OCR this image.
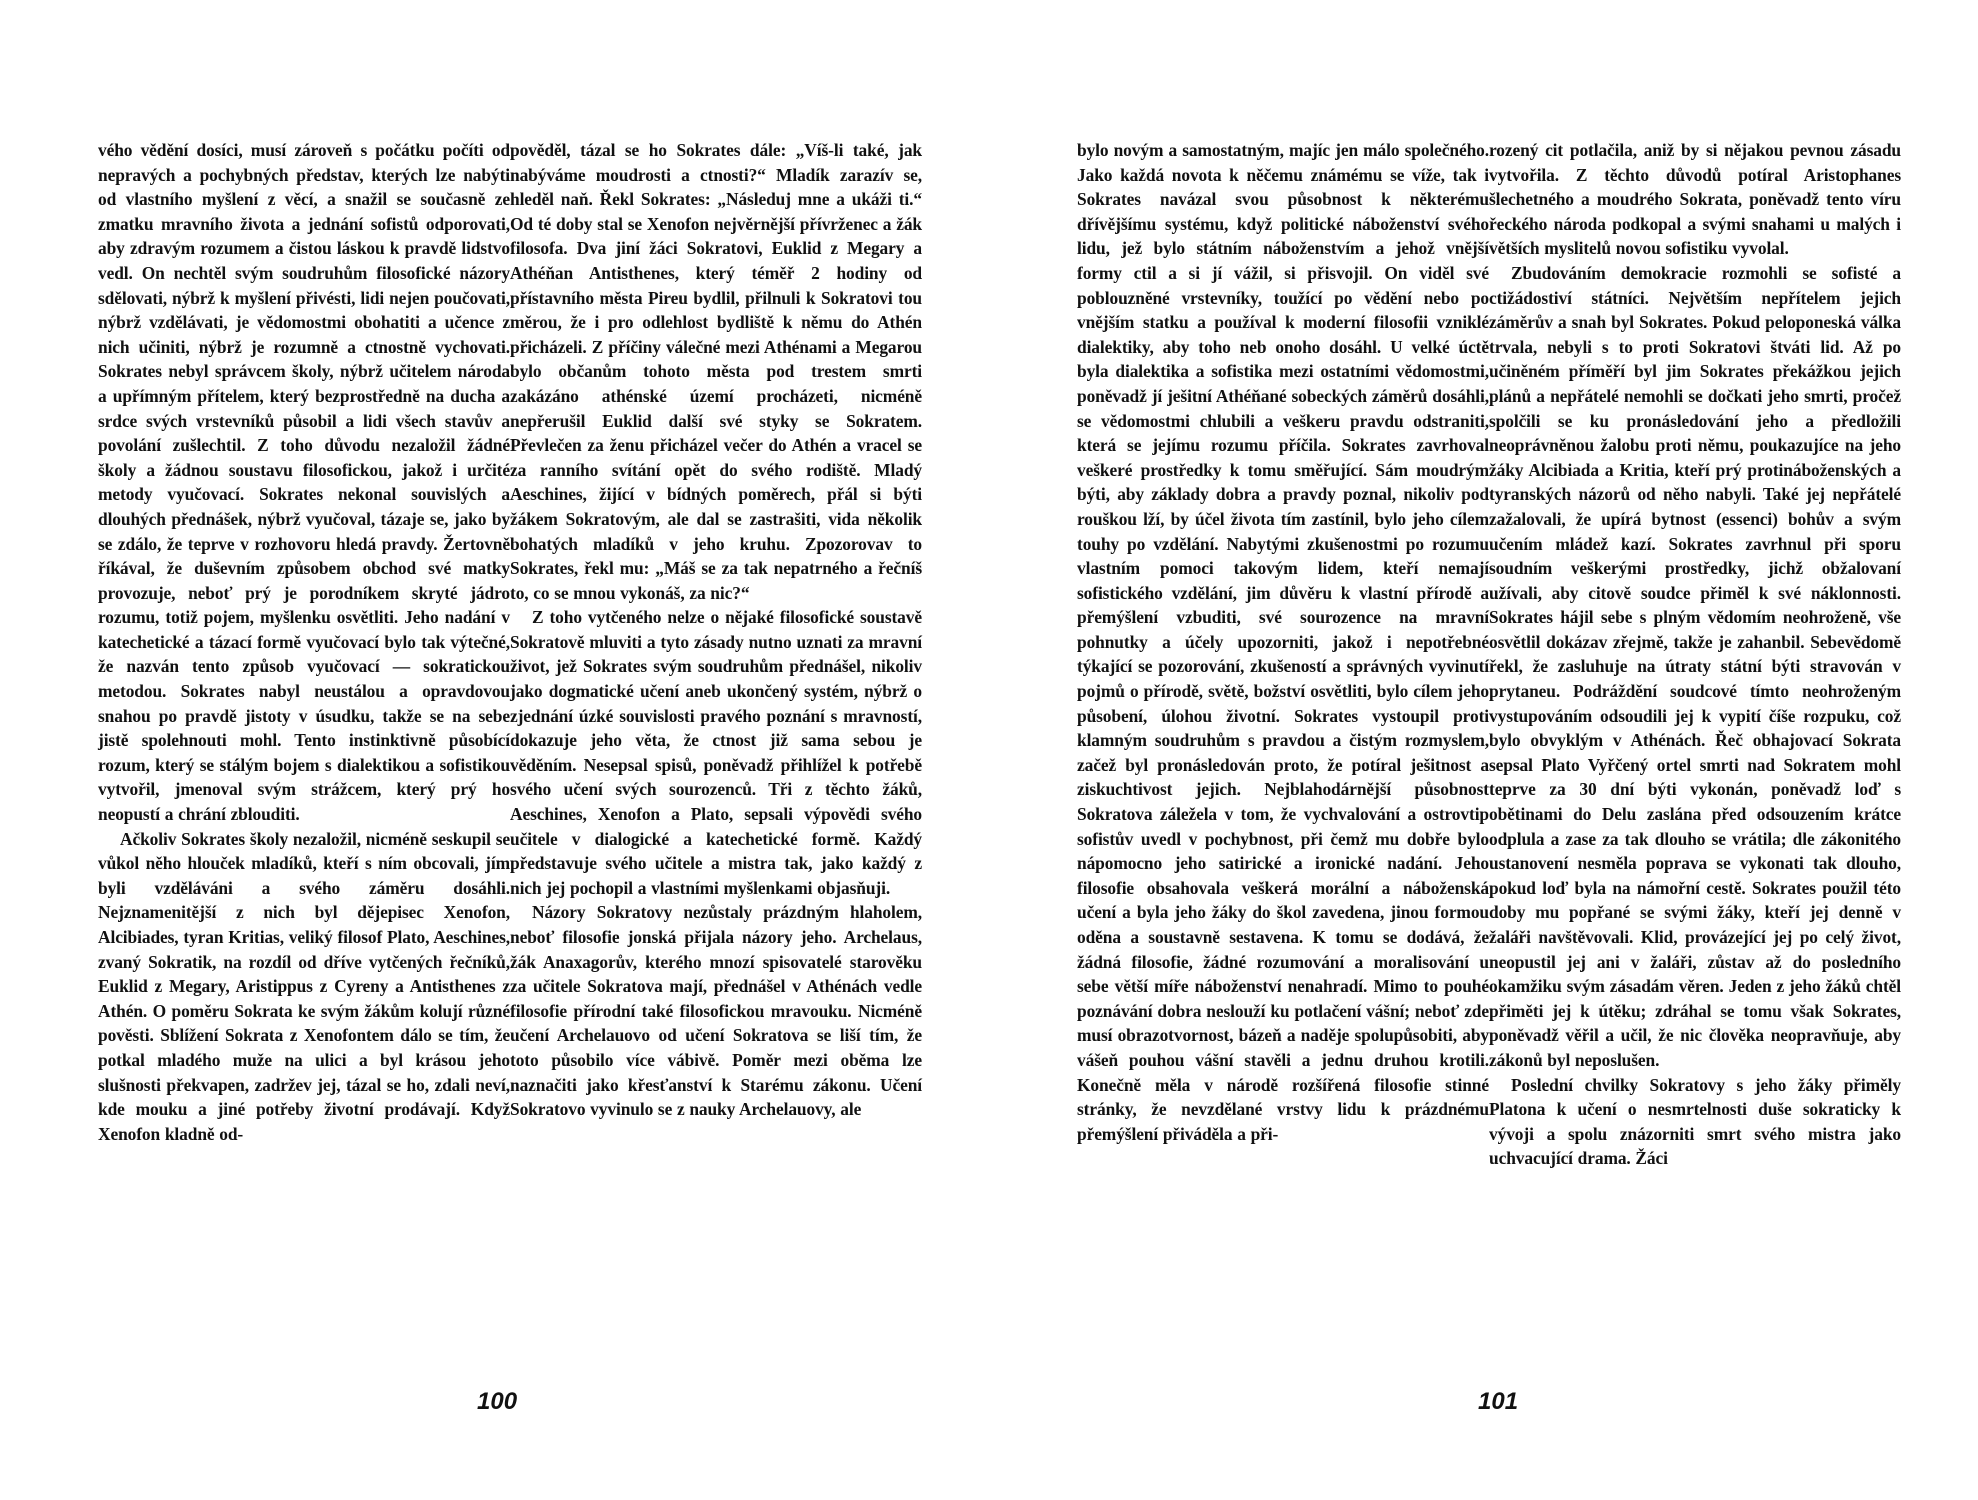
vého vědění dosíci, musí zároveň s počátku počíti od nepravých a pochybných představ, kterých lze nabýti od vlastního myšlení z věcí, a snažil se současně ze zmatku mravního života a jednání sofistů odporovati, aby zdravým rozumem a čistou láskou k pravdě lidstvo vedl. On nechtěl svým soudruhům filosofické názory sdělovati, nýbrž k myšlení přivésti, lidi nejen poučovati, nýbrž vzdělávati, je vědomostmi obohatiti a učence z nich učiniti, nýbrž je rozumně a ctnostně vychovati. Sokrates nebyl správcem školy, nýbrž učitelem národa a upřímným přítelem, který bezprostředně na ducha a srdce svých vrstevníků působil a lidi všech stavův a povolání zušlechtil. Z toho důvodu nezaložil žádné školy a žádnou soustavu filosofickou, jakož i určité metody vyučovací. Sokrates nekonal souvislých a dlouhých přednášek, nýbrž vyučoval, tázaje se, jako by se zdálo, že teprve v rozhovoru hledá pravdy. Žertovně říkával, že duševním způsobem obchod své matky provozuje, neboť prý je porodníkem skryté jádro rozumu, totiž pojem, myšlenku osvětliti. Jeho nadání v katechetické a tázací formě vyučovací bylo tak výtečné, že nazván tento způsob vyučovací — sokratickou metodou. Sokrates nabyl neustálou a opravdovou snahou po pravdě jistoty v úsudku, takže se na sebe jistě spolehnouti mohl. Tento instinktivně působící rozum, který se stálým bojem s dialektikou a sofistikou vytvořil, jmenoval svým strážcem, který prý ho neopustí a chrání zblouditi.

Ačkoliv Sokrates školy nezaložil, nicméně seskupil se vůkol něho hlouček mladíků, kteří s ním obcovali, jím byli vzděláváni a svého záměru dosáhli. Nejznamenitější z nich byl dějepisec Xenofon, Alcibiades, tyran Kritias, veliký filosof Plato, Aeschines, zvaný Sokratik, na rozdíl od dříve vytčených řečníků, Euklid z Megary, Aristippus z Cyreny a Antisthenes z Athén. O poměru Sokrata ke svým žákům kolují různé pověsti. Sblížení Sokrata z Xenofontem dálo se tím, že potkal mladého muže na ulici a byl krásou jeho slušnosti překvapen, zadržev jej, tázal se ho, zdali neví, kde mouku a jiné potřeby životní prodávají. Když Xenofon kladně od-

pověděl, tázal se ho Sokrates dále: „Víš-li také, jak nabýváme moudrosti a ctnosti?“ Mladík zarazív se, hleděl naň. Řekl Sokrates: „Následuj mne a ukáži ti.“ Od té doby stal se Xenofon nejvěrnější přívrženec a žák filosofa. Dva jiní žáci Sokratovi, Euklid z Megary a Athéňan Antisthenes, který téměř 2 hodiny od přístavního města Pireu bydlil, přilnuli k Sokratovi tou měrou, že i pro odlehlost bydliště k němu do Athén přicházeli. Z příčiny válečné mezi Athénami a Megarou bylo občanům tohoto města pod trestem smrti zakázáno athénské území procházeti, nicméně nepřerušil Euklid další své styky se Sokratem. Převlečen za ženu přicházel večer do Athén a vracel se za ranního svítání opět do svého rodiště. Mladý Aeschines, žijící v bídných poměrech, přál si býti žákem Sokratovým, ale dal se zastrašiti, vida několik bohatých mladíků v jeho kruhu. Zpozorovav to Sokrates, řekl mu: „Máš se za tak nepatrného a řečníš to, co se mnou vykonáš, za nic?“

Z toho vytčeného nelze o nějaké filosofické soustavě Sokratově mluviti a tyto zásady nutno uznati za mravní život, jež Sokrates svým soudruhům přednášel, nikoliv jako dogmatické učení aneb ukončený systém, nýbrž o zjednání úzké souvislosti pravého poznání s mravností, dokazuje jeho věta, že ctnost již sama sebou je věděním. Nesepsal spisů, poněvadž přihlížel k potřebě svého učení svých sourozenců. Tři z těchto žáků, Aeschines, Xenofon a Plato, sepsali výpovědi svého učitele v dialogické a katechetické formě. Každý představuje svého učitele a mistra tak, jako každý z nich jej pochopil a vlastními myšlenkami objasňuji.

Názory Sokratovy nezůstaly prázdným hlaholem, neboť filosofie jonská přijala názory jeho. Archelaus, žák Anaxagorův, kterého mnozí spisovatelé starověku za učitele Sokratova mají, přednášel v Athénách vedle filosofie přírodní také filosofickou mravouku. Nicméně učení Archelauovo od učení Sokratova se liší tím, že toto působilo více vábivě. Poměr mezi oběma lze naznačiti jako křesťanství k Starému zákonu. Učení Sokratovo vyvinulo se z nauky Archelauovy, ale

100

bylo novým a samostatným, majíc jen málo společného. Jako každá novota k něčemu známému se víže, tak i Sokrates navázal svou působnost k některému dřívějšímu systému, když politické náboženství svého lidu, jež bylo státním náboženstvím a jehož vnější formy ctil a si jí vážil, si přisvojil. On viděl své poblouzněné vrstevníky, toužící po vědění nebo po vnějším statku a používal k moderní filosofii vzniklé dialektiky, aby toho neb onoho dosáhl. U velké úctě byla dialektika a sofistika mezi ostatními vědomostmi, poněvadž jí ješitní Athéňané sobeckých záměrů dosáhli, se vědomostmi chlubili a veškeru pravdu odstraniti, která se jejímu rozumu příčila. Sokrates zavrhoval veškeré prostředky k tomu směřující. Sám moudrým býti, aby základy dobra a pravdy poznal, nikoliv pod rouškou lží, by účel života tím zastínil, bylo jeho cílem touhy po vzdělání. Nabytými zkušenostmi po rozumu vlastním pomoci takovým lidem, kteří nemají sofistického vzdělání, jim důvěru k vlastní přírodě a přemýšlení vzbuditi, své sourozence na mravní pohnutky a účely upozorniti, jakož i nepotřebné týkající se pozorování, zkušeností a správných vyvinutí pojmů o přírodě, světě, božství osvětliti, bylo cílem jeho působení, úlohou životní. Sokrates vystoupil proti klamným soudruhům s pravdou a čistým rozmyslem, začež byl pronásledován proto, že potíral ješitnost a ziskuchtivost jejich. Nejblahodárnější působnost Sokratova záležela v tom, že vychvalování a ostrovtip sofistův uvedl v pochybnost, při čemž mu dobře bylo nápomocno jeho satirické a ironické nadání. Jeho filosofie obsahovala veškerá morální a náboženská učení a byla jeho žáky do škol zavedena, jinou formou oděna a soustavně sestavena. K tomu se dodává, že žádná filosofie, žádné rozumování a moralisování u sebe větší míře náboženství nenahradí. Mimo to pouhé poznávání dobra neslouží ku potlačení vášní; neboť zde musí obrazotvornost, bázeň a naděje spolupůsobiti, aby vášeň pouhou vášní stavěli a jednu druhou krotili. Konečně měla v národě rozšířená filosofie stinné stránky, že nevzdělané vrstvy lidu k prázdnému přemýšlení přiváděla a při-

rozený cit potlačila, aniž by si nějakou pevnou zásadu vytvořila. Z těchto důvodů potíral Aristophanes šlechetného a moudrého Sokrata, poněvadž tento víru řeckého národa podkopal a svými snahami u malých i větších myslitelů novou sofistiku vyvolal.

Zbudováním demokracie rozmohli se sofisté a ctižádostiví státníci. Největším nepřítelem jejich záměrův a snah byl Sokrates. Pokud peloponeská válka trvala, nebyli s to proti Sokratovi štváti lid. Až po učiněném příměří byl jim Sokrates překážkou jejich plánů a nepřátelé nemohli se dočkati jeho smrti, pročež spolčili se ku pronásledování jeho a předložili neoprávněnou žalobu proti němu, poukazujíce na jeho žáky Alcibiada a Kritia, kteří prý protináboženských a tyranských názorů od něho nabyli. Také jej nepřátelé zažalovali, že upírá bytnost (essenci) bohův a svým učením mládež kazí. Sokrates zavrhnul při sporu soudním veškerými prostředky, jichž obžalovaní užívali, aby citově soudce přiměl k své náklonnosti. Sokrates hájil sebe s plným vědomím neohroženě, vše osvětlil dokázav zřejmě, takže je zahanbil. Sebevědomě řekl, že zasluhuje na útraty státní býti stravován v prytaneu. Podráždění soudcové tímto neohroženým vystupováním odsoudili jej k vypití číše rozpuku, což bylo obvyklým v Athénách. Řeč obhajovací Sokrata sepsal Plato Vyřčený ortel smrti nad Sokratem mohl teprve za 30 dní býti vykonán, poněvadž loď s obětinami do Delu zaslána před odsouzením krátce odplula a zase za tak dlouho se vrátila; dle zákonitého ustanovení nesměla poprava se vykonati tak dlouho, pokud loď byla na námořní cestě. Sokrates použil této doby mu popřané se svými žáky, kteří jej denně v žaláři navštěvovali. Klid, provázející jej po celý život, neopustil jej ani v žaláři, zůstav až do posledního okamžiku svým zásadám věren. Jeden z jeho žáků chtěl přiměti jej k útěku; zdráhal se tomu však Sokrates, poněvadž věřil a učil, že nic člověka neopravňuje, aby zákonů byl neposlušen.

Poslední chvilky Sokratovy s jeho žáky přiměly Platona k učení o nesmrtelnosti duše sokraticky k vývoji a spolu znázorniti smrt svého mistra jako uchvacující drama. Žáci

101
